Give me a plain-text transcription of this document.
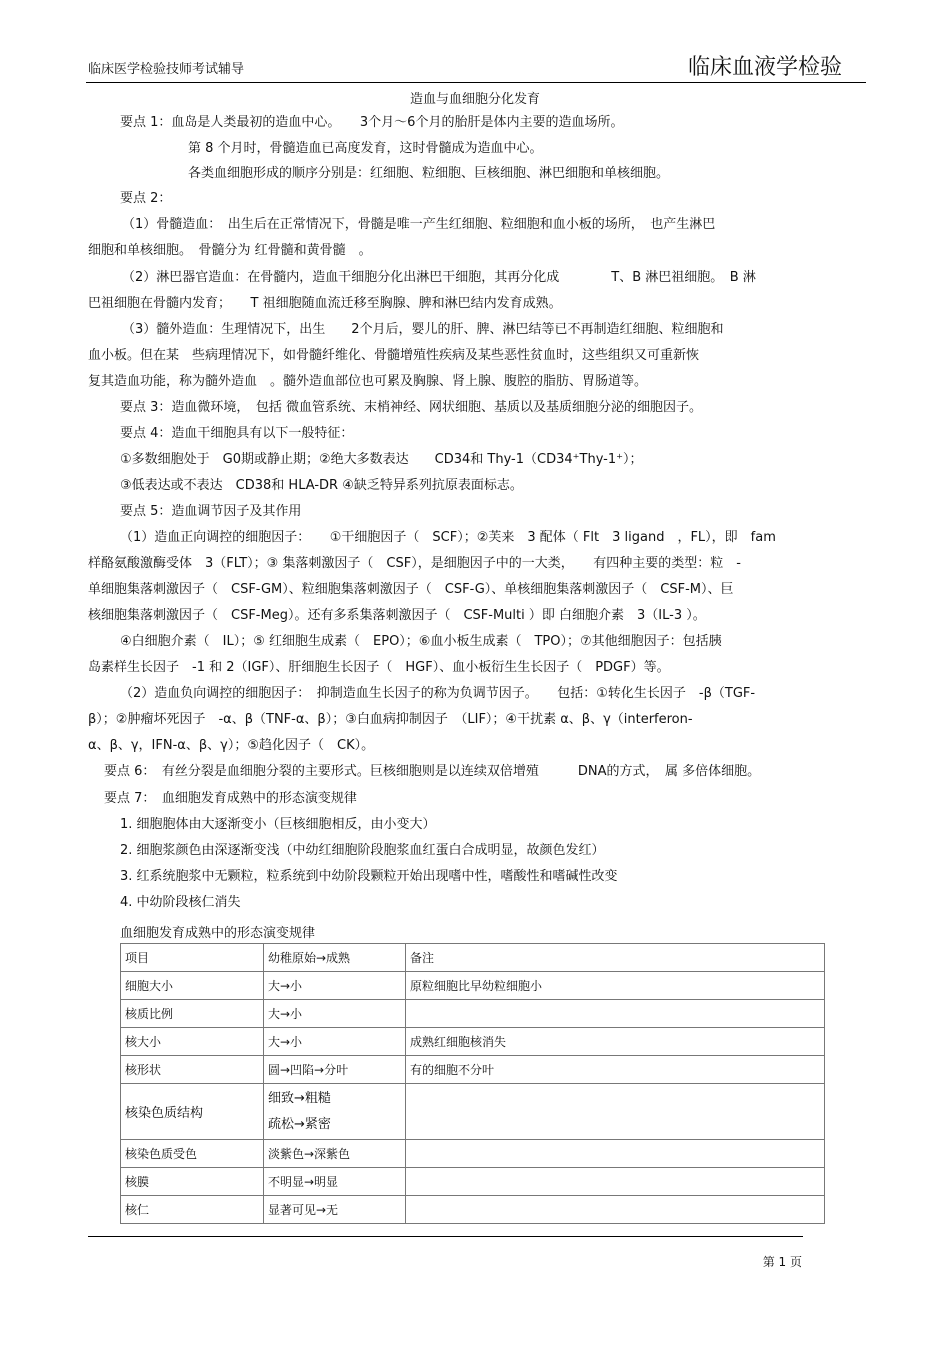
临床医学检验技师考试辅导	临床血液学检验
造血与血细胞分化发育
要点 1：血岛是人类最初的造血中心。　　3个月～6个月的胎肝是体内主要的造血场所。
第 8 个月时，骨髓造血已高度发育，这时骨髓成为造血中心。
各类血细胞形成的顺序分别是：红细胞、粒细胞、巨核细胞、淋巴细胞和单核细胞。
要点 2：
（1）骨髓造血：　出生后在正常情况下，骨髓是唯一产生红细胞、粒细胞和血小板的场所，　也产生淋巴
细胞和单核细胞。　骨髓分为 红骨髓和黄骨髓　。
（2）淋巴器官造血：在骨髓内，造血干细胞分化出淋巴干细胞，其再分化成　　　　T、B 淋巴祖细胞。　B 淋
巴祖细胞在骨髓内发育；　　T 祖细胞随血流迁移至胸腺、脾和淋巴结内发育成熟。
（3）髓外造血：生理情况下，出生　　2个月后，婴儿的肝、脾、淋巴结等已不再制造红细胞、粒细胞和
血小板。但在某　些病理情况下，如骨髓纤维化、骨髓增殖性疾病及某些恶性贫血时，这些组织又可重新恢
复其造血功能，称为髓外造血　。髓外造血部位也可累及胸腺、肾上腺、腹腔的脂肪、胃肠道等。
要点 3：造血微环境，　包括 微血管系统、末梢神经、网状细胞、基质以及基质细胞分泌的细胞因子。
要点 4：造血干细胞具有以下一般特征：
①多数细胞处于　G0期或静止期；②绝大多数表达　　CD34和 Thy-1（CD34⁺Thy-1⁺）；
③低表达或不表达　CD38和 HLA-DR ④缺乏特异系列抗原表面标志。
要点 5：造血调节因子及其作用
（1）造血正向调控的细胞因子：　　①干细胞因子（　SCF）；②芙来　3 配体（ Flt　3 ligand　，FL），即　fam
样酪氨酸激酶受体　3（FLT）；③ 集落刺激因子（　CSF），是细胞因子中的一大类，　　有四种主要的类型：粒　-
单细胞集落刺激因子（　CSF-GM）、粒细胞集落刺激因子（　CSF-G）、单核细胞集落刺激因子（　CSF-M）、巨
核细胞集落刺激因子（　CSF-Meg）。还有多系集落刺激因子（　CSF-Multi ）即 白细胞介素　3（IL-3 ）。
④白细胞介素（　IL）；⑤ 红细胞生成素（　EPO）；⑥血小板生成素（　TPO）；⑦其他细胞因子：包括胰
岛素样生长因子　-1 和 2（IGF）、肝细胞生长因子（　HGF）、血小板衍生生长因子（　PDGF）等。
（2）造血负向调控的细胞因子：　抑制造血生长因子的称为负调节因子。　　包括：①转化生长因子　-β（TGF-
β）；②肿瘤坏死因子　-α、β（TNF-α、β）；③白血病抑制因子　（LIF）；④干扰素 α、β、γ（interferon-
α、β、γ，IFN-α、β、γ）；⑤趋化因子（　CK）。
要点 6：　有丝分裂是血细胞分裂的主要形式。巨核细胞则是以连续双倍增殖　　　DNA的方式，　属 多倍体细胞。
要点 7：　血细胞发育成熟中的形态演变规律
1. 细胞胞体由大逐渐变小（巨核细胞相反，由小变大）
2. 细胞浆颜色由深逐渐变浅（中幼红细胞阶段胞浆血红蛋白合成明显，故颜色发红）
3. 红系统胞浆中无颗粒，粒系统到中幼阶段颗粒开始出现嗜中性，嗜酸性和嗜碱性改变
4. 中幼阶段核仁消失
血细胞发育成熟中的形态演变规律
项目	幼稚原始→成熟	备注
细胞大小	大→小	原粒细胞比早幼粒细胞小
核质比例	大→小	
核大小	大→小	成熟红细胞核消失
核形状	圆→凹陷→分叶	有的细胞不分叶
核染色质结构	细致→粗糙
疏松→紧密	

核染色质受色	淡紫色→深紫色	
核膜	不明显→明显	
核仁	显著可见→无	
第 1 页
